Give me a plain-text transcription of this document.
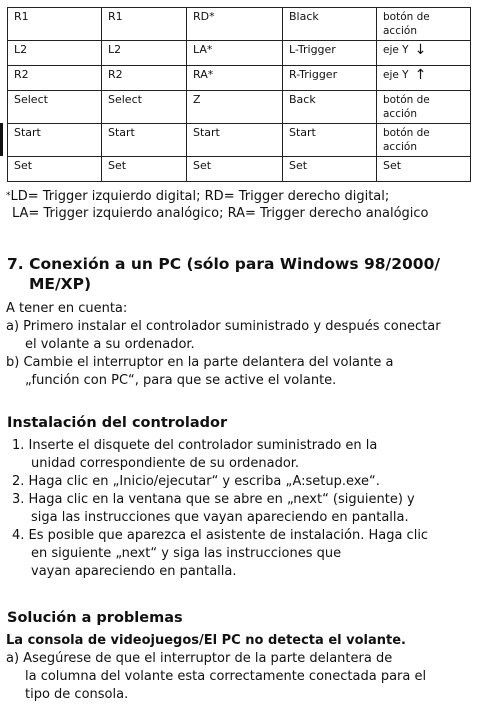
R1	R1	RD*	Black	botón de acción
L2	L2	LA*	L-Trigger	eje Y ↓
R2	R2	RA*	R-Trigger	eje Y ↑
Select	Select	Z	Back	botón de acción
Start	Start	Start	Start	botón de acción
Set	Set	Set	Set	Set
*LD= Trigger izquierdo digital; RD= Trigger derecho digital;
LA= Trigger izquierdo analógico; RA= Trigger derecho analógico
7. Conexión a un PC (sólo para Windows 98/2000/
ME/XP)
A tener en cuenta:
a) Primero instalar el controlador suministrado y después conectar
el volante a su ordenador.
b) Cambie el interruptor en la parte delantera del volante a
„función con PC“, para que se active el volante.
Instalación del controlador
1. Inserte el disquete del controlador suministrado en la
unidad correspondiente de su ordenador.
2. Haga clic en „Inicio/ejecutar“ y escriba „A:setup.exe“.
3. Haga clic en la ventana que se abre en „next“ (siguiente) y
siga las instrucciones que vayan apareciendo en pantalla.
4. Es posible que aparezca el asistente de instalación. Haga clic
en siguiente „next“ y siga las instrucciones que
vayan apareciendo en pantalla.
Solución a problemas
La consola de videojuegos/El PC no detecta el volante.
a) Asegúrese de que el interruptor de la parte delantera de
la columna del volante esta correctamente conectada para el
tipo de consola.
